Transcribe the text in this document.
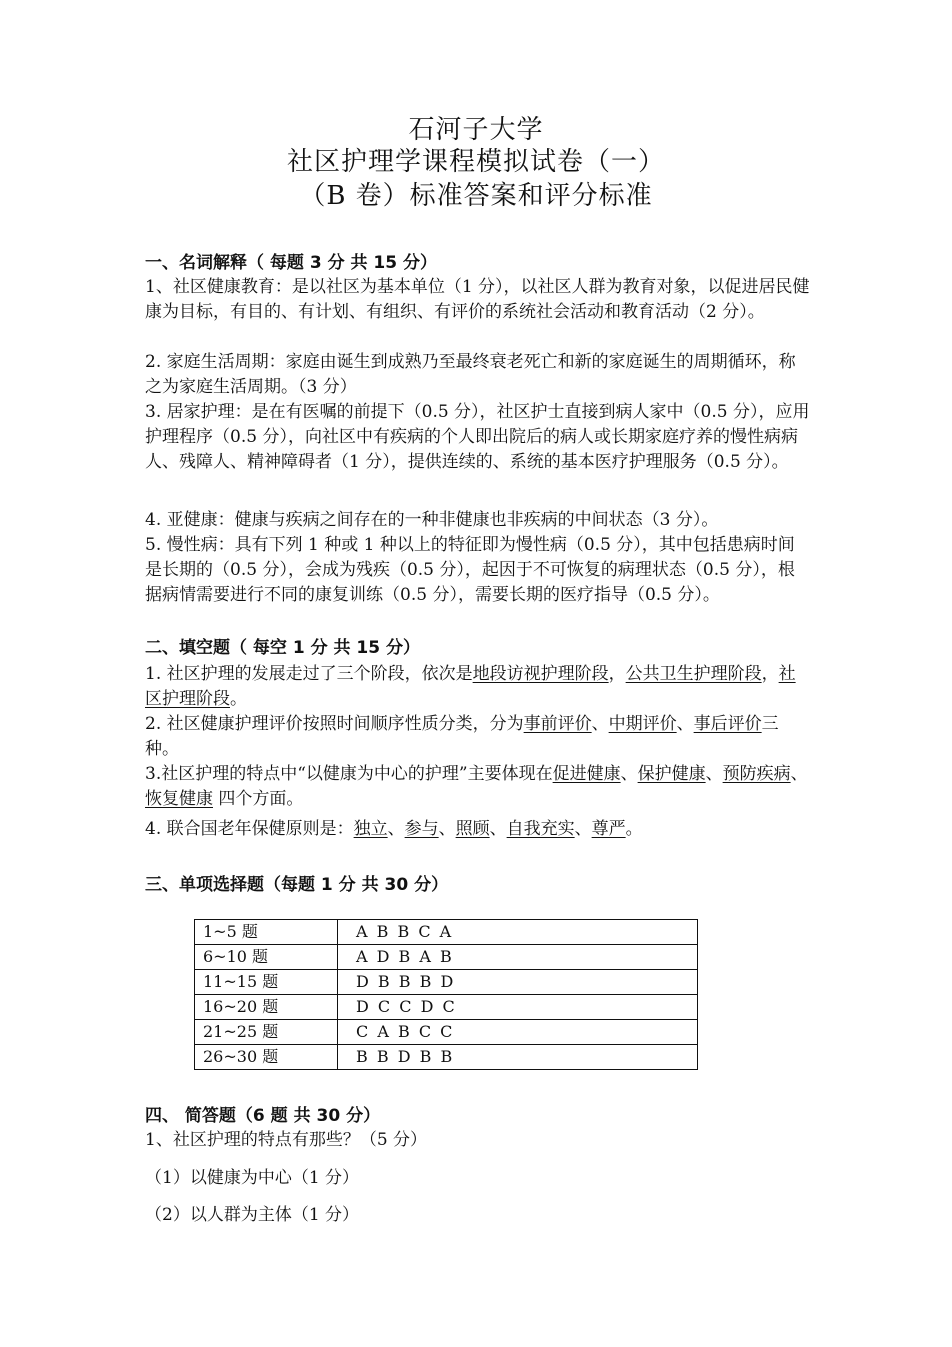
石河子大学
社区护理学课程模拟试卷（一）
（B 卷）标准答案和评分标准
一、名词解释（ 每题 3 分 共 15 分）
1、社区健康教育：是以社区为基本单位（1 分），以社区人群为教育对象，以促进居民健康为目标，有目的、有计划、有组织、有评价的系统社会活动和教育活动（2 分）。
2. 家庭生活周期：家庭由诞生到成熟乃至最终衰老死亡和新的家庭诞生的周期循环，称之为家庭生活周期。（3 分）
3. 居家护理：是在有医嘱的前提下（0.5 分），社区护士直接到病人家中（0.5 分），应用护理程序（0.5 分），向社区中有疾病的个人即出院后的病人或长期家庭疗养的慢性病病人、残障人、精神障碍者（1 分），提供连续的、系统的基本医疗护理服务（0.5 分）。
4. 亚健康：健康与疾病之间存在的一种非健康也非疾病的中间状态（3 分）。
5. 慢性病：具有下列 1 种或 1 种以上的特征即为慢性病（0.5 分），其中包括患病时间是长期的（0.5 分），会成为残疾（0.5 分），起因于不可恢复的病理状态（0.5 分），根据病情需要进行不同的康复训练（0.5 分），需要长期的医疗指导（0.5 分）。
二、填空题（ 每空 1 分 共 15 分）
1. 社区护理的发展走过了三个阶段，依次是地段访视护理阶段，公共卫生护理阶段，社区护理阶段。
2. 社区健康护理评价按照时间顺序性质分类，分为事前评价、中期评价、事后评价三种。
3.社区护理的特点中“以健康为中心的护理”主要体现在促进健康、保护健康、预防疾病、恢复健康 四个方面。
4. 联合国老年保健原则是：独立、参与、照顾、自我充实、尊严。
三、单项选择题（每题 1 分 共 30 分）
1~5 题	A B B C A
6~10 题	A D B A B
11~15 题	D B B B D
16~20 题	D C C D C
21~25 题	C A B C C
26~30 题	B B D B B
四、 简答题（6 题 共 30 分）
1、社区护理的特点有那些？（5 分）
（1）以健康为中心（1 分）
（2）以人群为主体（1 分）
